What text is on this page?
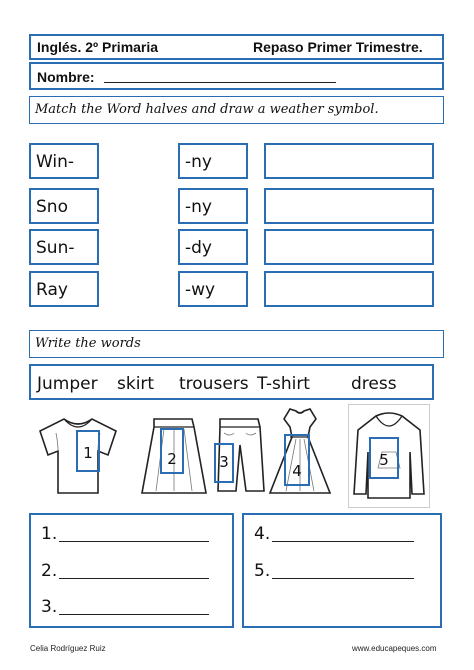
Inglés. 2º Primaria	Repaso Primer Trimestre.
Nombre:
Match the Word halves and draw a weather symbol.
Win-	-ny
Sno	-ny
Sun-	-dy
Ray	-wy
Write the words
Jumper skirt trousers T-shirt dress
1	2	3	4
5
1.
2.
3.
4.
5.
Celia Rodríguez Ruiz	www.educapeques.com
